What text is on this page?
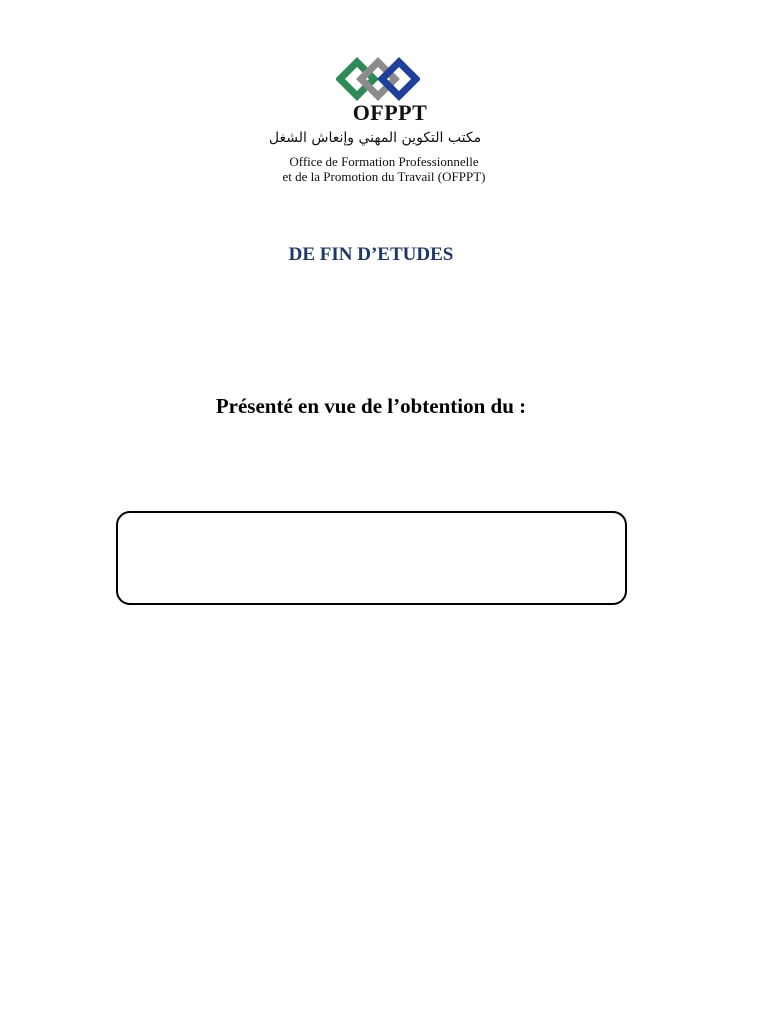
OFPPT
مكتب التكوين المهني وإنعاش الشغل
Office de Formation Professionnelle
et de la Promotion du Travail (OFPPT)
DE FIN D’ETUDES
Présenté en vue de l’obtention du :
